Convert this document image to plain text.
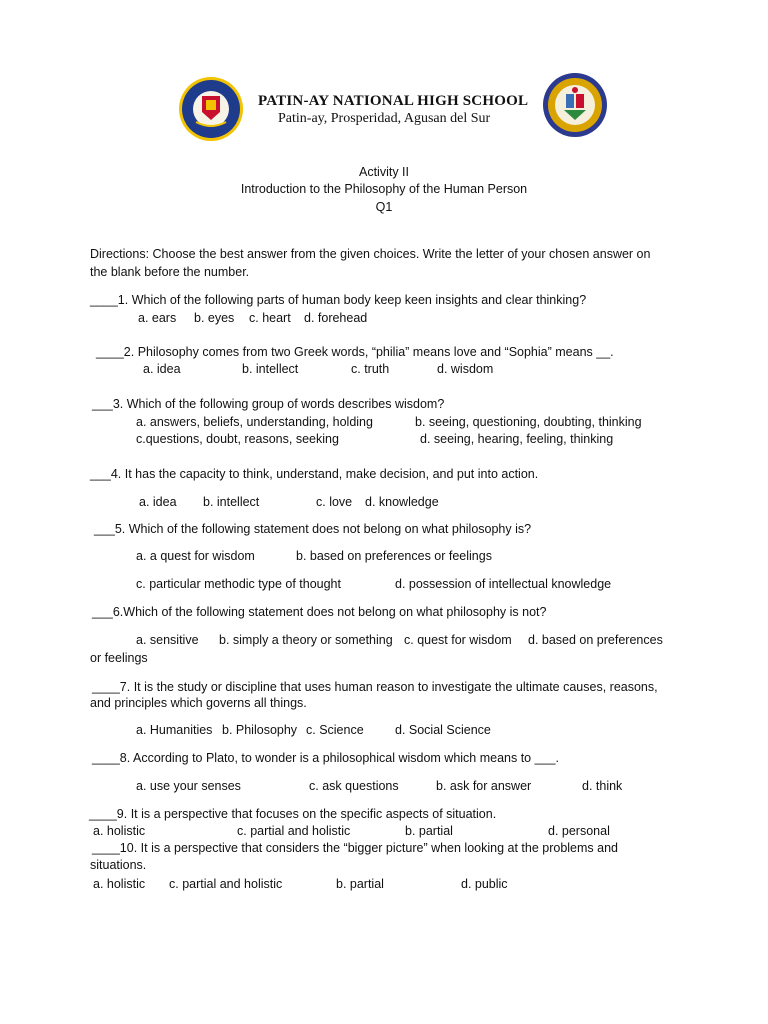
PATIN-AY NATIONAL HIGH SCHOOL
Patin-ay, Prosperidad, Agusan del Sur
Activity II
Introduction to the Philosophy of the Human Person
Q1
Directions: Choose the best answer from the given choices. Write the letter of your chosen answer on
the blank before the number.
____1. Which of the following parts of human body keep keen insights and clear thinking?
a. ears b. eyes c. heart d. forehead
____2. Philosophy comes from two Greek words, “philia” means love and “Sophia” means __.
a. idea	b. intellect	c. truth	d. wisdom
___3. Which of the following group of words describes wisdom?
a. answers, beliefs, understanding, holding	b. seeing, questioning, doubting, thinking
c.questions, doubt, reasons, seeking	d. seeing, hearing, feeling, thinking
___4. It has the capacity to think, understand, make decision, and put into action.
a. idea b. intellect	c. love d. knowledge
___5. Which of the following statement does not belong on what philosophy is?
a. a quest for wisdom	b. based on preferences or feelings
c. particular methodic type of thought	d. possession of intellectual knowledge
___6.Which of the following statement does not belong on what philosophy is not?
a. sensitive b. simply a theory or something c. quest for wisdom d. based on preferences
or feelings
____7. It is the study or discipline that uses human reason to investigate the ultimate causes, reasons,
and principles which governs all things.
a. Humanities b. Philosophy c. Science	d. Social Science
____8. According to Plato, to wonder is a philosophical wisdom which means to ___.
a. use your senses	c. ask questions	b. ask for answer	d. think
____9. It is a perspective that focuses on the specific aspects of situation.
a. holistic	c. partial and holistic	b. partial	d. personal
____10. It is a perspective that considers the “bigger picture” when looking at the problems and
situations.
a. holistic c. partial and holistic	b. partial	d. public
